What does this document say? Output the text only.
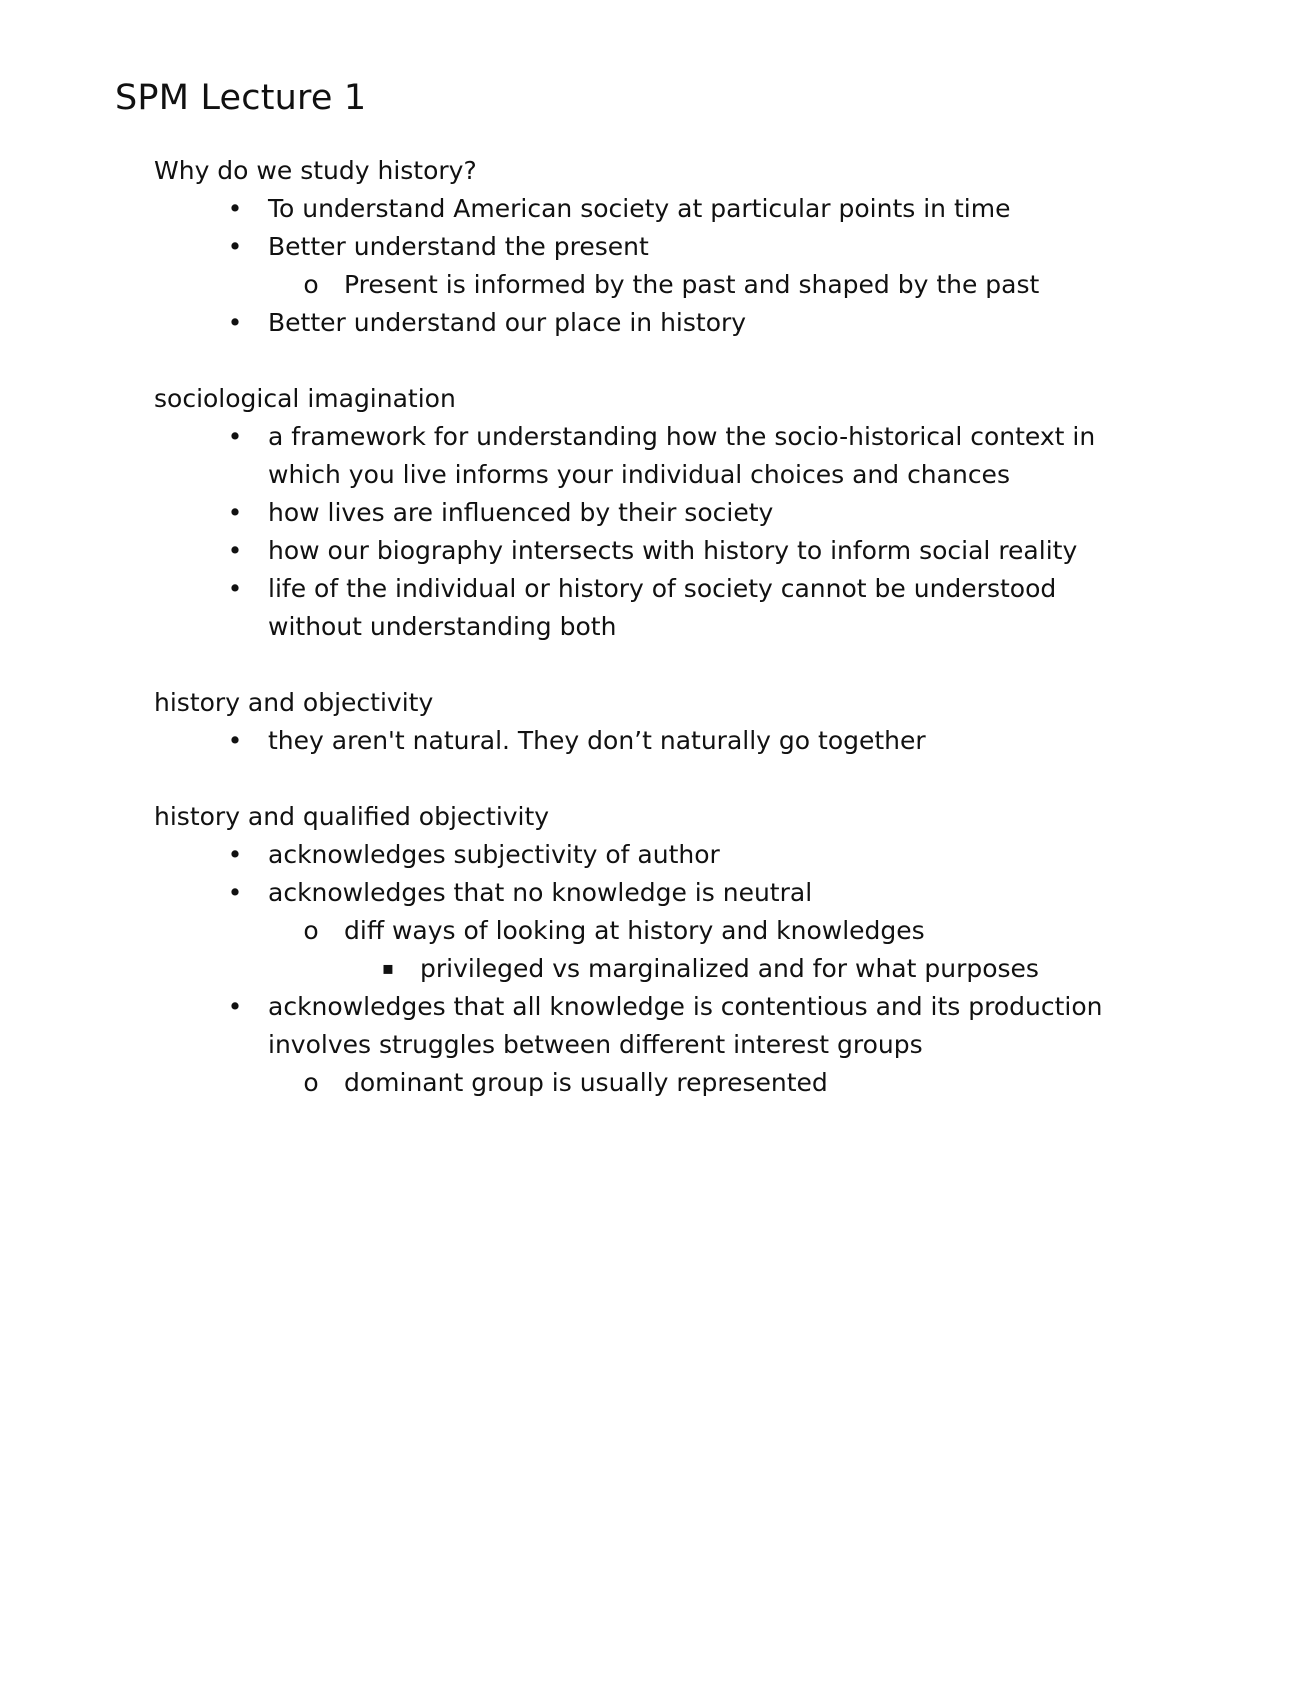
SPM Lecture 1

Why do we study history?

• To understand American society at particular points in time
• Better understand the present
o Present is informed by the past and shaped by the past
• Better understand our place in history

sociological imagination

• a framework for understanding how the socio-historical context in which you live informs your individual choices and chances
• how lives are influenced by their society
• how our biography intersects with history to inform social reality
• life of the individual or history of society cannot be understood without understanding both

history and objectivity

• they aren't natural. They don’t naturally go together

history and qualified objectivity

• acknowledges subjectivity of author
• acknowledges that no knowledge is neutral
o diff ways of looking at history and knowledges
▪ privileged vs marginalized and for what purposes
• acknowledges that all knowledge is contentious and its production involves struggles between different interest groups
o dominant group is usually represented
